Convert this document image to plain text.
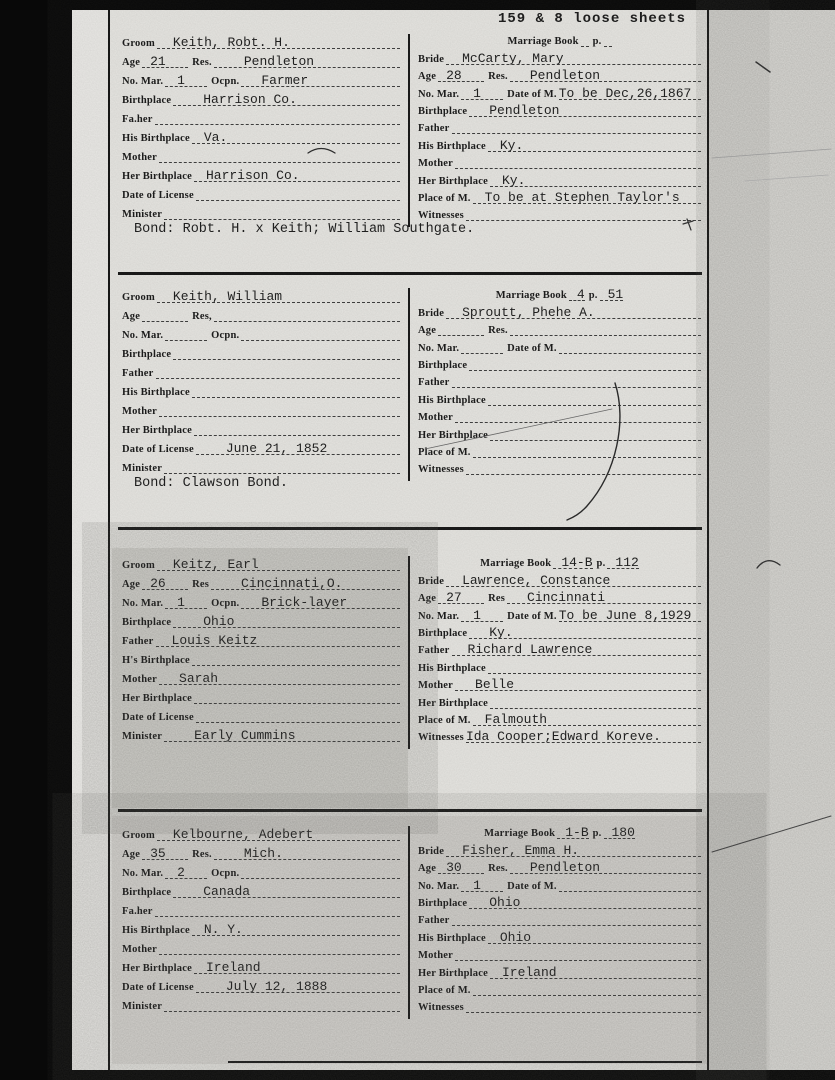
159 & 8 loose sheets
Groom	Keith, Robt. H.
Age 21	Res.	Pendleton
No. Mar.	1	Ocpn.	Farmer
Birthplace	Harrison Co.
Fa.her
His Birthplace	Va.
Mother
Her Birthplace	Harrison Co.
Date of License
Minister
Marriage Book	p.
Bride	McCarty, Mary
Age 28	Res.	Pendleton
No. Mar.	1	Date of M. To be Dec,26,1867
Birthplace	Pendleton
Father
His Birthplace	Ky.
Mother
Her Birthplace	Ky.
Place of M.	To be at Stephen Taylor's
Witnesses
Bond: Robt. H. x Keith; William Southgate.
Groom	Keith, William
Age	Res,
No. Mar.	Ocpn.
Birthplace
Father
His Birthplace
Mother
Her Birthplace
Date of License	June 21, 1852
Minister
Marriage Book 4 p. 51
Bride	Sproutt, Phehe A.
Age	Res.
No. Mar.	Date of M.
Birthplace
Father
His Birthplace
Mother
Her Birthplace
Place of M.
Witnesses
Bond: Clawson Bond.
Groom	Keitz, Earl
Age 26	Res	Cincinnati,O.
No. Mar.	1	Ocpn.	Brick-layer
Birthplace	Ohio
Father	Louis Keitz
H's Birthplace
Mother	Sarah
Her Birthplace
Date of License
Minister	Early Cummins
Marriage Book 14-B p. 112
Bride	Lawrence, Constance
Age 27	Res	Cincinnati
No. Mar.	1	Date of M. To be June 8,1929
Birthplace	Ky.
Father	Richard Lawrence
His Birthplace
Mother	Belle
Her Birthplace
Place of M.	Falmouth
Witnesses Ida Cooper;Edward Koreve.
Groom	Kelbourne, Adebert
Age 35	Res.	Mich.
No. Mar.	2	Ocpn.
Birthplace	Canada
Fa.her
His Birthplace	N. Y.
Mother
Her Birthplace	Ireland
Date of License	July 12, 1888
Minister
Marriage Book 1-B p. 180
Bride	Fisher, Emma H.
Age 30	Res.	Pendleton
No. Mar.	1	Date of M.
Birthplace	Ohio
Father
His Birthplace	Ohio
Mother
Her Birthplace	Ireland
Place of M.
Witnesses
